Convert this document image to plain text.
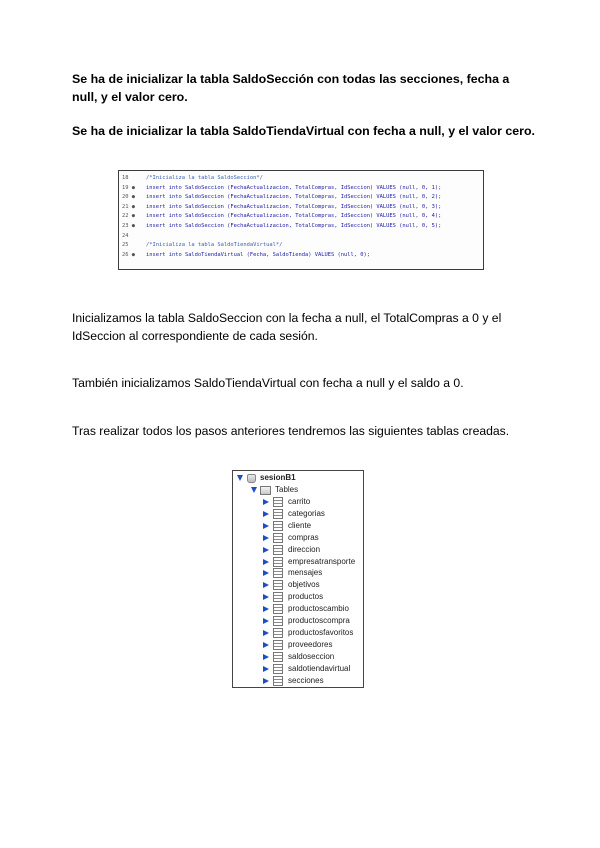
Se ha de inicializar la tabla SaldoSección con todas las secciones, fecha a null, y el valor cero.

Se ha de inicializar la tabla SaldoTiendaVirtual con fecha a null, y el valor cero.

18	/*Inicializa la tabla SaldoSeccion*/
19 ●	insert into SaldoSeccion (FechaActualizacion, TotalCompras, IdSeccion) VALUES (null, 0, 1);
20 ●	insert into SaldoSeccion (FechaActualizacion, TotalCompras, IdSeccion) VALUES (null, 0, 2);
21 ●	insert into SaldoSeccion (FechaActualizacion, TotalCompras, IdSeccion) VALUES (null, 0, 3);
22 ●	insert into SaldoSeccion (FechaActualizacion, TotalCompras, IdSeccion) VALUES (null, 0, 4);
23 ●	insert into SaldoSeccion (FechaActualizacion, TotalCompras, IdSeccion) VALUES (null, 0, 5);
24
25	/*Inicializa la tabla SaldoTiendaVirtual*/
26 ●	insert into SaldoTiendaVirtual (Fecha, SaldoTienda) VALUES (null, 0);

Inicializamos la tabla SaldoSeccion con la fecha a null, el TotalCompras a 0 y el IdSeccion al correspondiente de cada sesión.

También inicializamos SaldoTiendaVirtual con fecha a null y el saldo a 0.

Tras realizar todos los pasos anteriores tendremos las siguientes tablas creadas.

sesionB1
Tables
carrito
categorias
cliente
compras
direccion
empresatransporte
mensajes
objetivos
productos
productoscambio
productoscompra
productosfavoritos
proveedores
saldoseccion
saldotiendavirtual
secciones
